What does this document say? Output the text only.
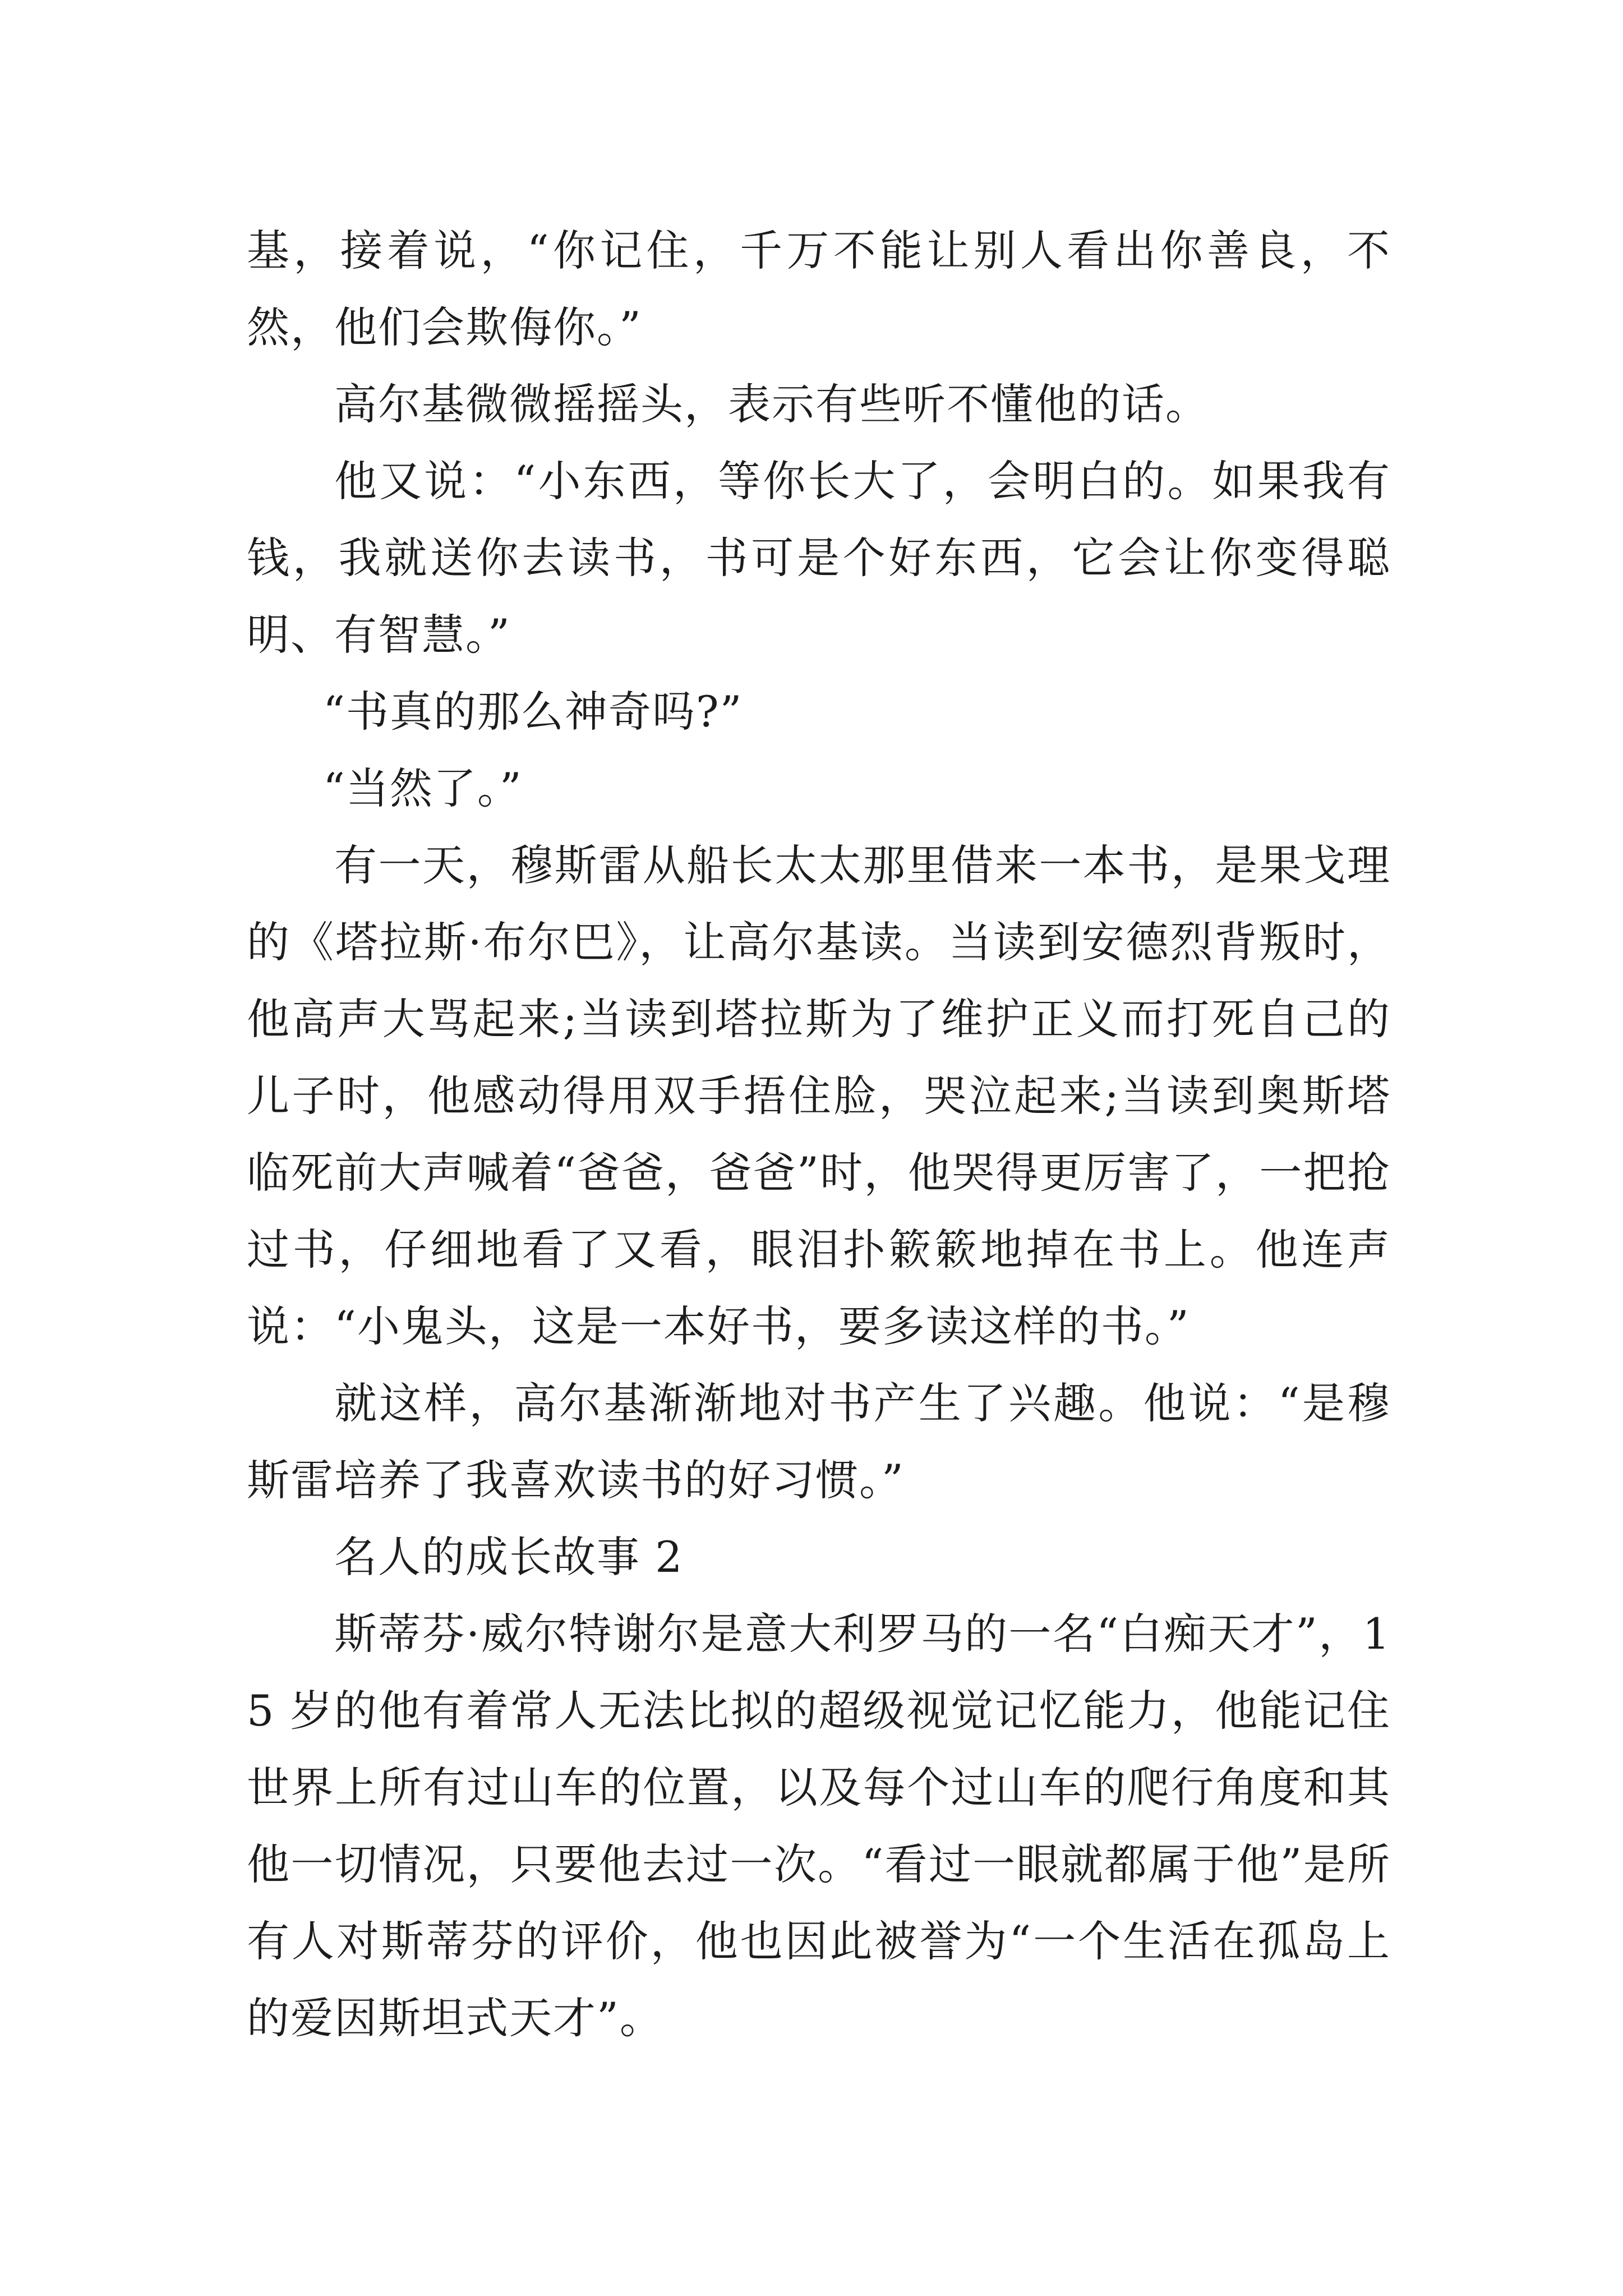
基，接着说，“你记住，千万不能让别人看出你善良，不然，他们会欺侮你。”

高尔基微微摇摇头，表示有些听不懂他的话。

他又说：“小东西，等你长大了，会明白的。如果我有钱，我就送你去读书，书可是个好东西，它会让你变得聪明、有智慧。”

“书真的那么神奇吗?”

“当然了。”

有一天，穆斯雷从船长太太那里借来一本书，是果戈理的《塔拉斯·布尔巴》，让高尔基读。当读到安德烈背叛时，他高声大骂起来;当读到塔拉斯为了维护正义而打死自己的儿子时，他感动得用双手捂住脸，哭泣起来;当读到奥斯塔临死前大声喊着“爸爸，爸爸”时，他哭得更厉害了，一把抢过书，仔细地看了又看，眼泪扑簌簌地掉在书上。他连声说：“小鬼头，这是一本好书，要多读这样的书。”

就这样，高尔基渐渐地对书产生了兴趣。他说：“是穆斯雷培养了我喜欢读书的好习惯。”

名人的成长故事 2

斯蒂芬·威尔特谢尔是意大利罗马的一名“白痴天才”，15 岁的他有着常人无法比拟的超级视觉记忆能力，他能记住世界上所有过山车的位置，以及每个过山车的爬行角度和其他一切情况，只要他去过一次。“看过一眼就都属于他”是所有人对斯蒂芬的评价，他也因此被誉为“一个生活在孤岛上的爱因斯坦式天才”。
